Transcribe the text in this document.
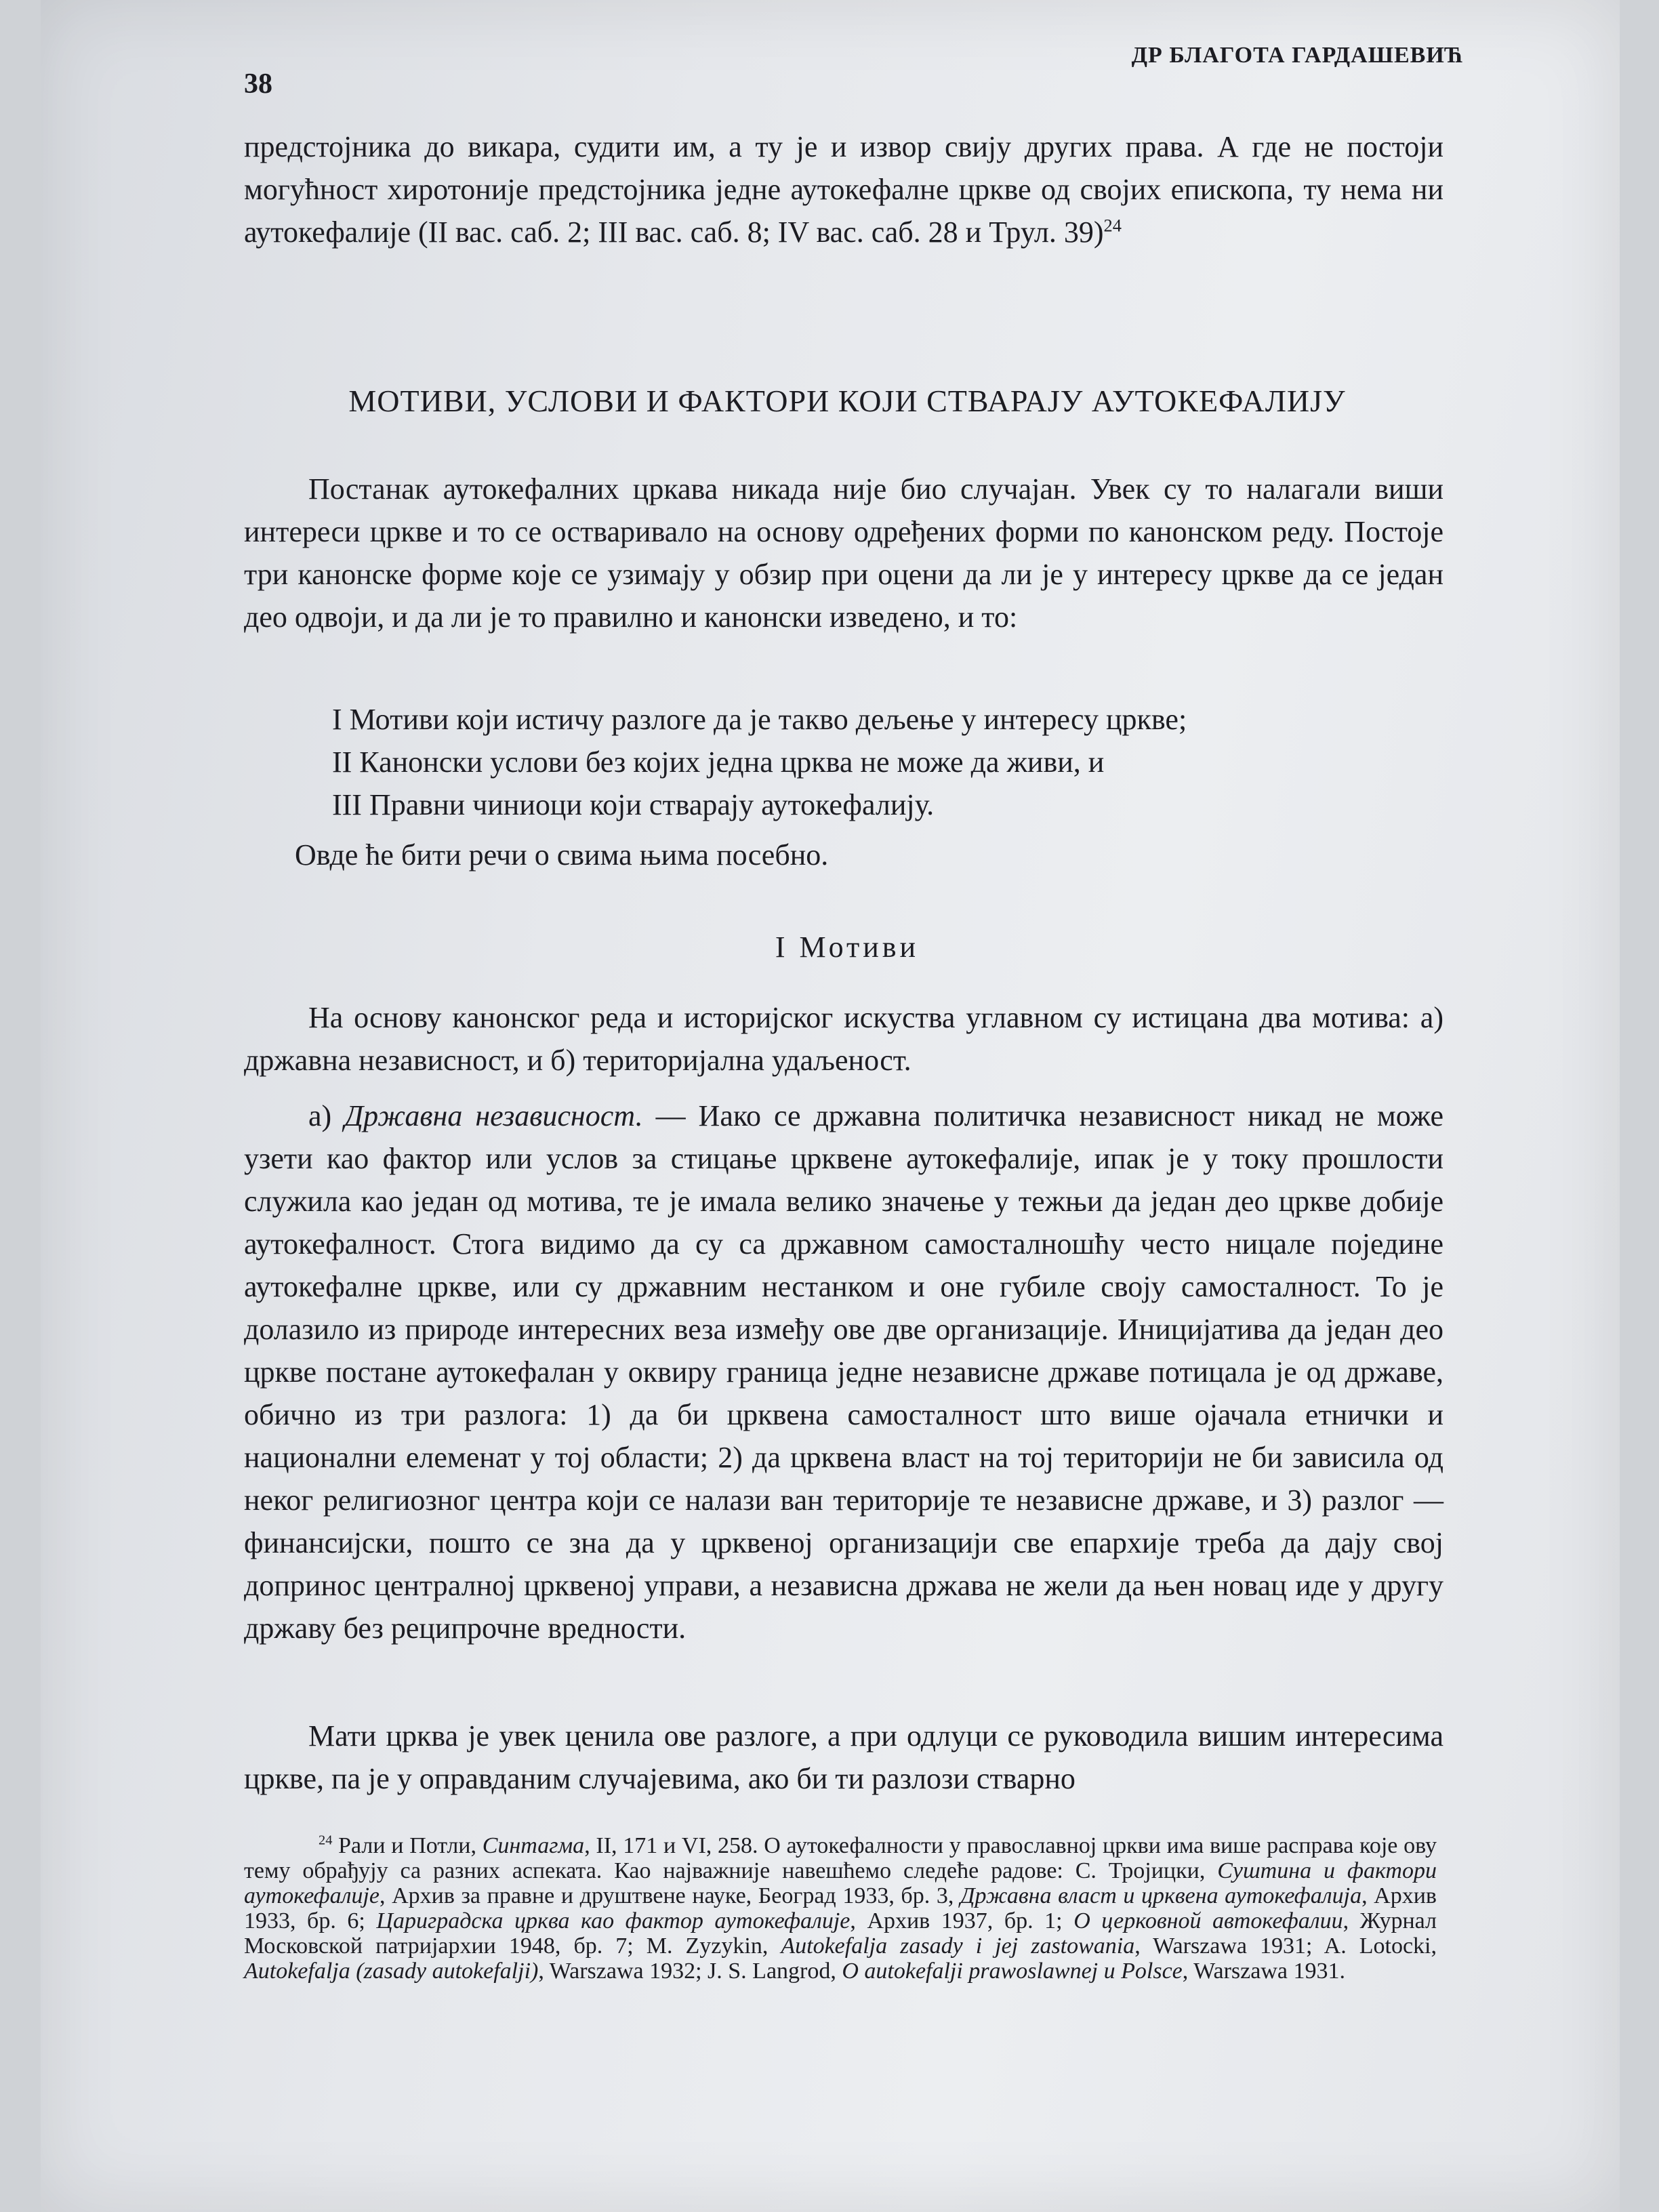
38
ДР БЛАГОТА ГАРДАШЕВИЋ
предстојника до викара, судити им, а ту је и извор свију других права. А где не постоји могућност хиротоније предстојника једне аутокефалне цркве од својих епископа, ту нема ни аутокефалије (II вас. саб. 2; III вас. саб. 8; IV вас. саб. 28 и Трул. 39)$^{24}$
МОТИВИ, УСЛОВИ И ФАКТОРИ КОЈИ СТВАРАЈУ АУТОКЕФАЛИЈУ
Постанак аутокефалних цркава никада није био случајан. Увек су то налагали виши интереси цркве и то се остваривало на основу одређених форми по канонском реду. Постоје три канонске форме које се узимају у обзир при оцени да ли је у интересу цркве да се један део одвоји, и да ли је то правилно и канонски изведено, и то:
I Мотиви који истичу разлоге да је такво дељење у интересу цркве;
II Канонски услови без којих једна црква не може да живи, и
III Правни чиниоци који стварају аутокефалију.
Овде ће бити речи о свима њима посебно.
I Мотиви
На основу канонског реда и историјског искуства углавном су истицана два мотива: а) државна независност, и б) територијална удаљеност.
а) Државна независност. — Иако се државна политичка независност никад не може узети као фактор или услов за стицање црквене аутокефалије, ипак је у току прошлости служила као један од мотива, те је имала велико значење у тежњи да један део цркве добије аутокефалност. Стога видимо да су са државном самосталношћу често ницале поједине аутокефалне цркве, или су државним нестанком и оне губиле своју самосталност. То је долазило из природе интересних веза између ове две организације. Иницијатива да један део цркве постане аутокефалан у оквиру граница једне независне државе потицала је од државе, обично из три разлога: 1) да би црквена самосталност што више ојачала етнички и национални елеменат у тој области; 2) да црквена власт на тој територији не би зависила од неког религиозног центра који се налази ван територије те независне државе, и 3) разлог — финансијски, пошто се зна да у црквеној организацији све епархије треба да дају свој допринос централној црквеној управи, а независна држава не жели да њен новац иде у другу државу без реципрочне вредности.
Мати црква је увек ценила ове разлоге, а при одлуци се руководила вишим интересима цркве, па је у оправданим случајевима, ако би ти разлози стварно
$^{24}$ Рали и Потли, Синтагма, II, 171 и VI, 258. О аутокефалности у православној цркви има више расправа које ову тему обрађују са разних аспеката. Као најважније навешћемо следеће радове: С. Тројицки, Суштина и фактори аутокефалије, Архив за правне и друштвене науке, Београд 1933, бр. 3, Државна власт и црквена аутокефалија, Архив 1933, бр. 6; Цариградска црква као фактор аутокефалије, Архив 1937, бр. 1; О церковной автокефалии, Журнал Московской патријархии 1948, бр. 7; M. Zyzykin, Autokefalja zasady i jej zastowania, Warszawa 1931; A. Lotocki, Autokefalja (zasady autokefalji), Warszawa 1932; J. S. Langrod, O autokefalji prawoslawnej u Polsce, Warszawa 1931.
